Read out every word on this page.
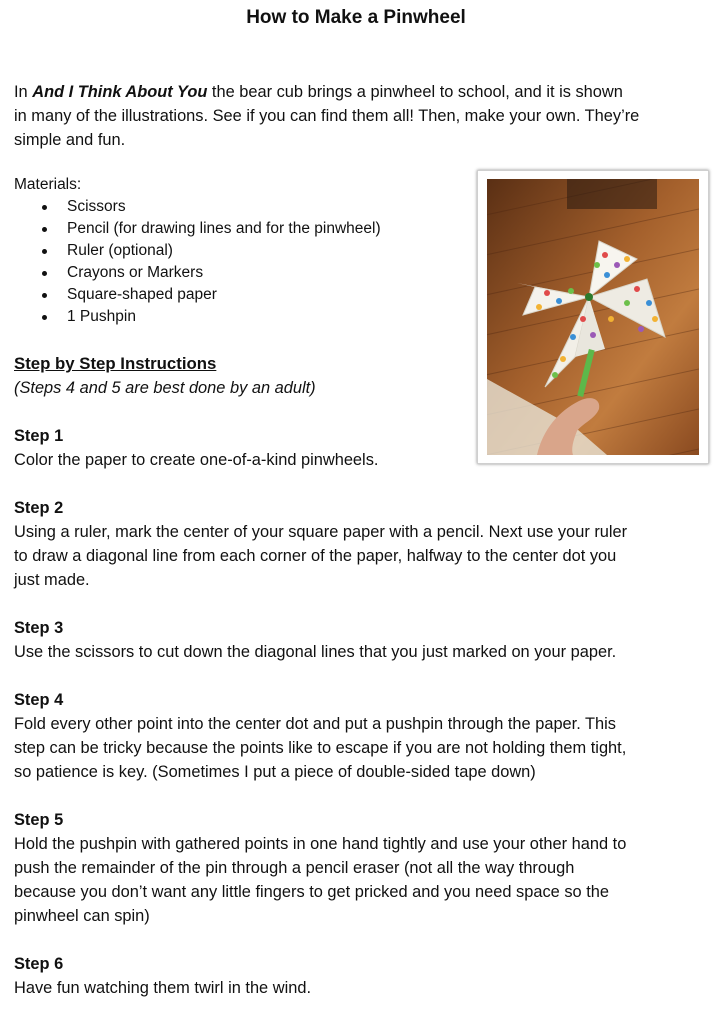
How to Make a Pinwheel

In And I Think About You the bear cub brings a pinwheel to school, and it is shown
in many of the illustrations. See if you can find them all! Then, make your own. They’re
simple and fun.

Materials:

Scissors
Pencil (for drawing lines and for the pinwheel)
Ruler (optional)
Crayons or Markers
Square-shaped paper
1 Pushpin

Step by Step Instructions

(Steps 4 and 5 are best done by an adult)

Step 1

Color the paper to create one-of-a-kind pinwheels.

Step 2

Using a ruler, mark the center of your square paper with a pencil. Next use your ruler

to draw a diagonal line from each corner of the paper, halfway to the center dot you

just made.

Step 3

Use the scissors to cut down the diagonal lines that you just marked on your paper.

Step 4

Fold every other point into the center dot and put a pushpin through the paper. This

step can be tricky because the points like to escape if you are not holding them tight,

so patience is key. (Sometimes I put a piece of double-sided tape down)

Step 5

Hold the pushpin with gathered points in one hand tightly and use your other hand to

push the remainder of the pin through a pencil eraser (not all the way through

because you don’t want any little fingers to get pricked and you need space so the

pinwheel can spin)

Step 6

Have fun watching them twirl in the wind.
